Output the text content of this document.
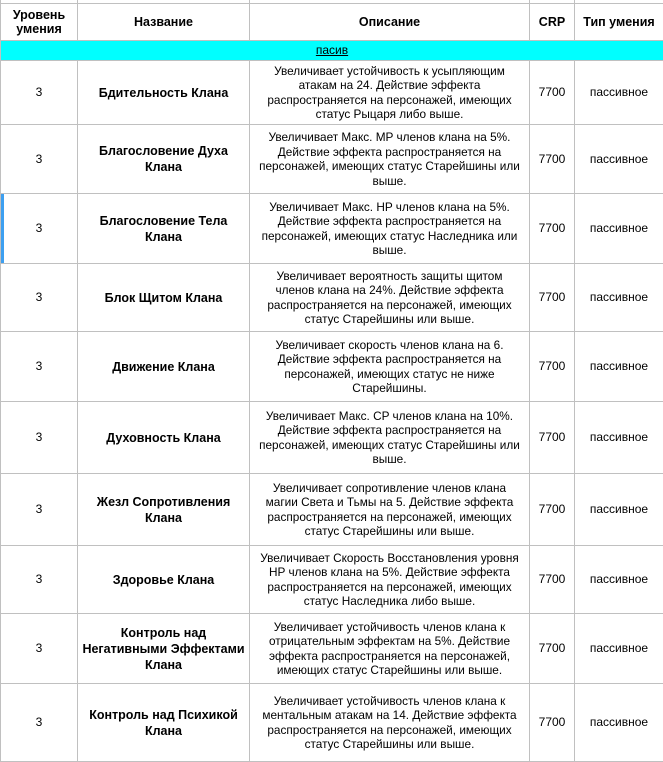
Уровень умения	Название	Описание	CRP	Тип умения
пасив				
3	Бдительность Клана	Увеличивает устойчивость к усыпляющим атакам на 24. Действие эффекта распространяется на персонажей, имеющих статус Рыцаря либо выше.	7700	пассивное
3	Благословение Духа Клана	Увеличивает Макс. MP членов клана на 5%. Действие эффекта распространяется на персонажей, имеющих статус Старейшины или выше.	7700	пассивное
3	Благословение Тела Клана	Увеличивает Макс. HP членов клана на 5%. Действие эффекта распространяется на персонажей, имеющих статус Наследника или выше.	7700	пассивное
3	Блок Щитом Клана	Увеличивает вероятность защиты щитом членов клана на 24%. Действие эффекта распространяется на персонажей, имеющих статус Старейшины или выше.	7700	пассивное
3	Движение Клана	Увеличивает скорость членов клана на 6. Действие эффекта распространяется на персонажей, имеющих статус не ниже Старейшины.	7700	пассивное
3	Духовность Клана	Увеличивает Макс. CP членов клана на 10%. Действие эффекта распространяется на персонажей, имеющих статус Старейшины или выше.	7700	пассивное
3	Жезл Сопротивления Клана	Увеличивает сопротивление членов клана магии Света и Тьмы на 5. Действие эффекта распространяется на персонажей, имеющих статус Старейшины или выше.	7700	пассивное
3	Здоровье Клана	Увеличивает Скорость Восстановления уровня HP членов клана на 5%. Действие эффекта распространяется на персонажей, имеющих статус Наследника либо выше.	7700	пассивное
3	Контроль над Негативными Эффектами Клана	Увеличивает устойчивость членов клана к отрицательным эффектам на 5%. Действие эффекта распространяется на персонажей, имеющих статус Старейшины или выше.	7700	пассивное
3	Контроль над Психикой Клана	Увеличивает устойчивость членов клана к ментальным атакам на 14. Действие эффекта распространяется на персонажей, имеющих статус Старейшины или выше.	7700	пассивное
